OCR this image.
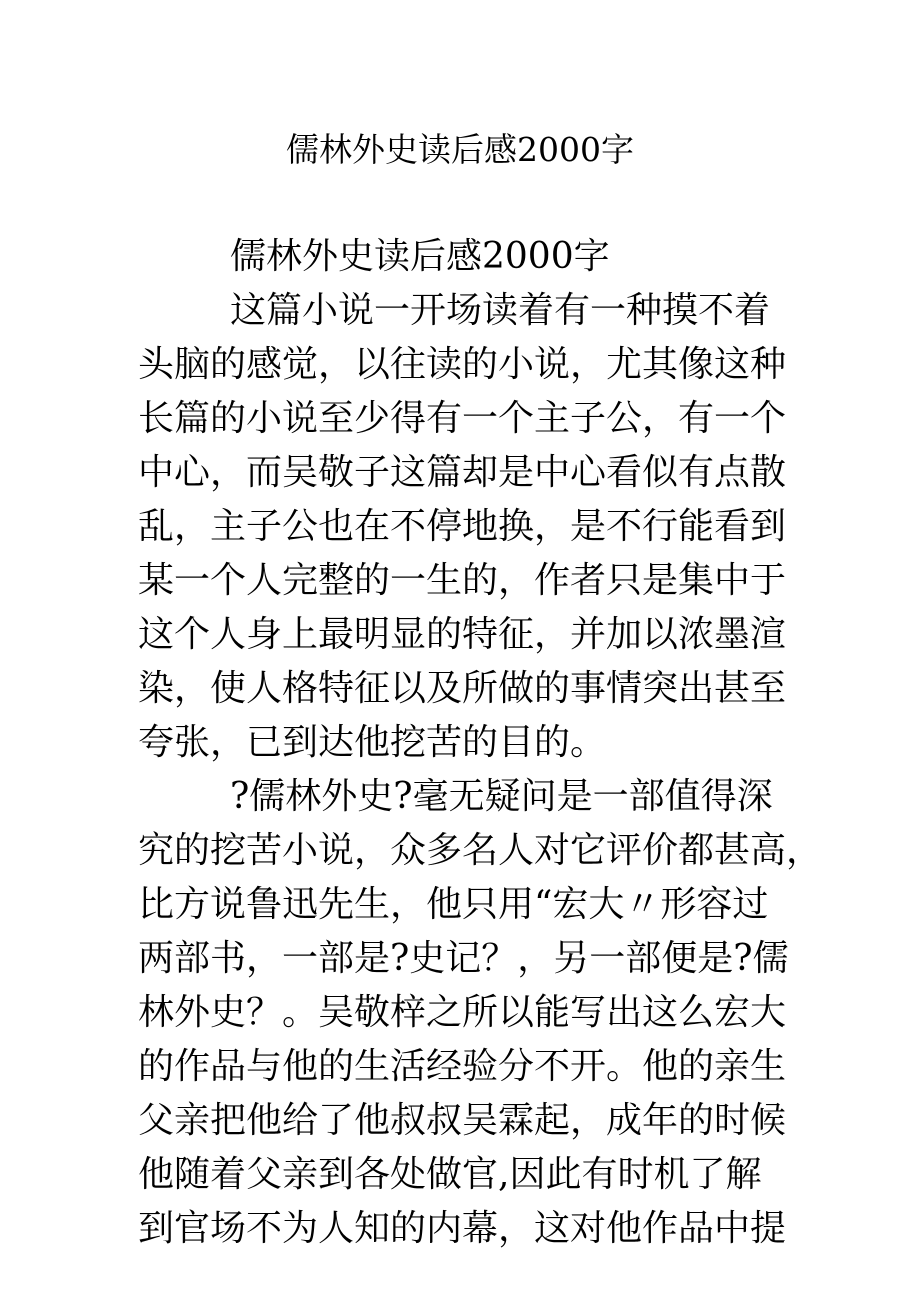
儒林外史读后感2000字
儒林外史读后感2000字
这篇小说一开场读着有一种摸不着
头脑的感觉，以往读的小说，尤其像这种
长篇的小说至少得有一个主子公，有一个
中心，而吴敬子这篇却是中心看似有点散
乱，主子公也在不停地换，是不行能看到
某一个人完整的一生的，作者只是集中于
这个人身上最明显的特征，并加以浓墨渲
染，使人格特征以及所做的事情突出甚至
夸张，已到达他挖苦的目的。
?儒林外史?毫无疑问是一部值得深
究的挖苦小说，众多名人对它评价都甚高，
比方说鲁迅先生，他只用“宏大〃形容过
两部书，一部是?史记？，另一部便是?儒
林外史？。吴敬梓之所以能写出这么宏大
的作品与他的生活经验分不开。他的亲生
父亲把他给了他叔叔吴霖起，成年的时候
他随着父亲到各处做官,因此有时机了解
到官场不为人知的内幕，这对他作品中提
